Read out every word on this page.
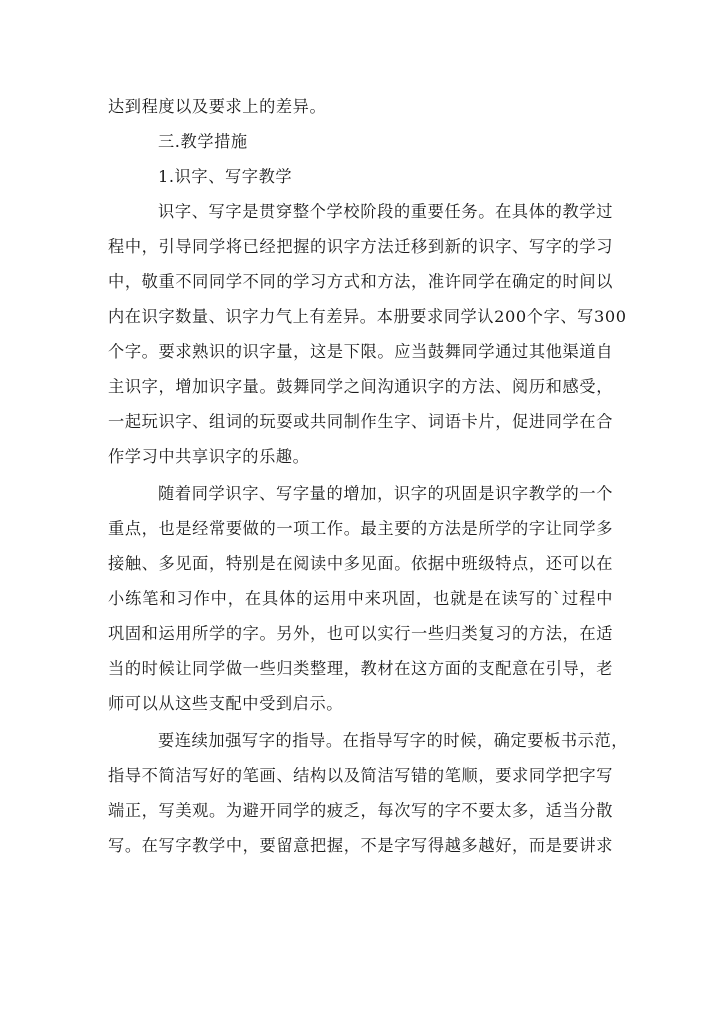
达到程度以及要求上的差异。
三.教学措施
1.识字、写字教学
识字、写字是贯穿整个学校阶段的重要任务。在具体的教学过
程中，引导同学将已经把握的识字方法迁移到新的识字、写字的学习
中，敬重不同同学不同的学习方式和方法，准许同学在确定的时间以
内在识字数量、识字力气上有差异。本册要求同学认200个字、写300
个字。要求熟识的识字量，这是下限。应当鼓舞同学通过其他渠道自
主识字，增加识字量。鼓舞同学之间沟通识字的方法、阅历和感受，
一起玩识字、组词的玩耍或共同制作生字、词语卡片，促进同学在合
作学习中共享识字的乐趣。
随着同学识字、写字量的增加，识字的巩固是识字教学的一个
重点，也是经常要做的一项工作。最主要的方法是所学的字让同学多
接触、多见面，特别是在阅读中多见面。依据中班级特点，还可以在
小练笔和习作中，在具体的运用中来巩固，也就是在读写的`过程中
巩固和运用所学的字。另外，也可以实行一些归类复习的方法，在适
当的时候让同学做一些归类整理，教材在这方面的支配意在引导，老
师可以从这些支配中受到启示。
要连续加强写字的指导。在指导写字的时候，确定要板书示范，
指导不简洁写好的笔画、结构以及简洁写错的笔顺，要求同学把字写
端正，写美观。为避开同学的疲乏，每次写的字不要太多，适当分散
写。在写字教学中，要留意把握，不是字写得越多越好，而是要讲求
